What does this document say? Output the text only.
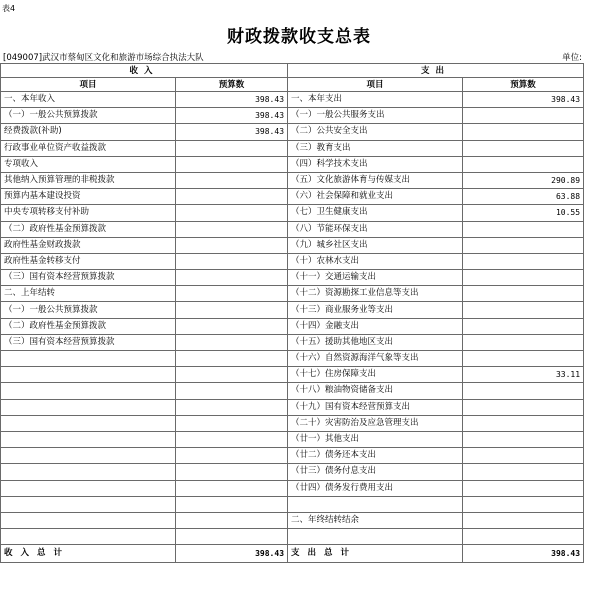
表4
财政拨款收支总表
[049007]武汉市蔡甸区文化和旅游市场综合执法大队	单位:
收入		支出	
项目	预算数	项目	预算数
一、本年收入	398.43	一、本年支出	398.43
（一）一般公共预算拨款	398.43	（一）一般公共服务支出	
经费拨款(补助)	398.43	（二）公共安全支出	
行政事业单位资产收益拨款		（三）教育支出	
专项收入		（四）科学技术支出	
其他纳入预算管理的非税拨款		（五）文化旅游体育与传媒支出	290.89
预算内基本建设投资		（六）社会保障和就业支出	63.88
中央专项转移支付补助		（七）卫生健康支出	10.55
（二）政府性基金预算拨款		（八）节能环保支出	
政府性基金财政拨款		（九）城乡社区支出	
政府性基金转移支付		（十）农林水支出	
（三）国有资本经营预算拨款		（十一）交通运输支出	
二、上年结转		（十二）资源勘探工业信息等支出	
（一）一般公共预算拨款		（十三）商业服务业等支出	
（二）政府性基金预算拨款		（十四）金融支出	
（三）国有资本经营预算拨款		（十五）援助其他地区支出	
		（十六）自然资源海洋气象等支出	
		（十七）住房保障支出	33.11
		（十八）粮油物资储备支出	
		（十九）国有资本经营预算支出	
		（二十）灾害防治及应急管理支出	
		（廿一）其他支出	
		（廿二）债务还本支出	
		（廿三）债务付息支出	
		（廿四）债务发行费用支出	

		二、年终结转结余	

收入总计	398.43	支出总计	398.43
